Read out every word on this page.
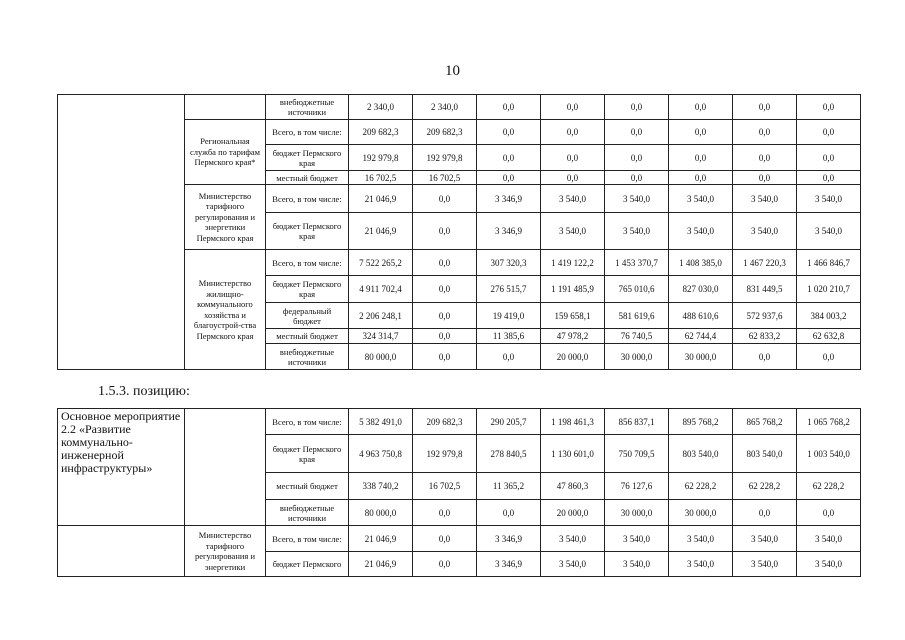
10
		внебюджетные источники	2 340,0	2 340,0	0,0	0,0	0,0	0,0	0,0	0,0
	Региональная служба по тарифам Пермского края*	Всего, в том числе:	209 682,3	209 682,3	0,0	0,0	0,0	0,0	0,0	0,0
		бюджет Пермского края	192 979,8	192 979,8	0,0	0,0	0,0	0,0	0,0	0,0
		местный бюджет	16 702,5	16 702,5	0,0	0,0	0,0	0,0	0,0	0,0
	Министерство тарифного регулирования и энергетики Пермского края	Всего, в том числе:	21 046,9	0,0	3 346,9	3 540,0	3 540,0	3 540,0	3 540,0	3 540,0
		бюджет Пермского края	21 046,9	0,0	3 346,9	3 540,0	3 540,0	3 540,0	3 540,0	3 540,0
	Министерство жилищно-коммунального хозяйства и благоустрой-ства Пермского края	Всего, в том числе:	7 522 265,2	0,0	307 320,3	1 419 122,2	1 453 370,7	1 408 385,0	1 467 220,3	1 466 846,7
		бюджет Пермского края	4 911 702,4	0,0	276 515,7	1 191 485,9	765 010,6	827 030,0	831 449,5	1 020 210,7
		федеральный бюджет	2 206 248,1	0,0	19 419,0	159 658,1	581 619,6	488 610,6	572 937,6	384 003,2
		местный бюджет	324 314,7	0,0	11 385,6	47 978,2	76 740,5	62 744,4	62 833,2	62 632,8
		внебюджетные источники	80 000,0	0,0	0,0	20 000,0	30 000,0	30 000,0	0,0	0,0
1.5.3. позицию:
Основное мероприятие 2.2 «Развитие коммунально-инженерной инфраструктуры»		Всего, в том числе:	5 382 491,0	209 682,3	290 205,7	1 198 461,3	856 837,1	895 768,2	865 768,2	1 065 768,2
		бюджет Пермского края	4 963 750,8	192 979,8	278 840,5	1 130 601,0	750 709,5	803 540,0	803 540,0	1 003 540,0
		местный бюджет	338 740,2	16 702,5	11 365,2	47 860,3	76 127,6	62 228,2	62 228,2	62 228,2
		внебюджетные источники	80 000,0	0,0	0,0	20 000,0	30 000,0	30 000,0	0,0	0,0
	Министерство тарифного регулирования и энергетики	Всего, в том числе:	21 046,9	0,0	3 346,9	3 540,0	3 540,0	3 540,0	3 540,0	3 540,0
		бюджет Пермского	21 046,9	0,0	3 346,9	3 540,0	3 540,0	3 540,0	3 540,0	3 540,0
